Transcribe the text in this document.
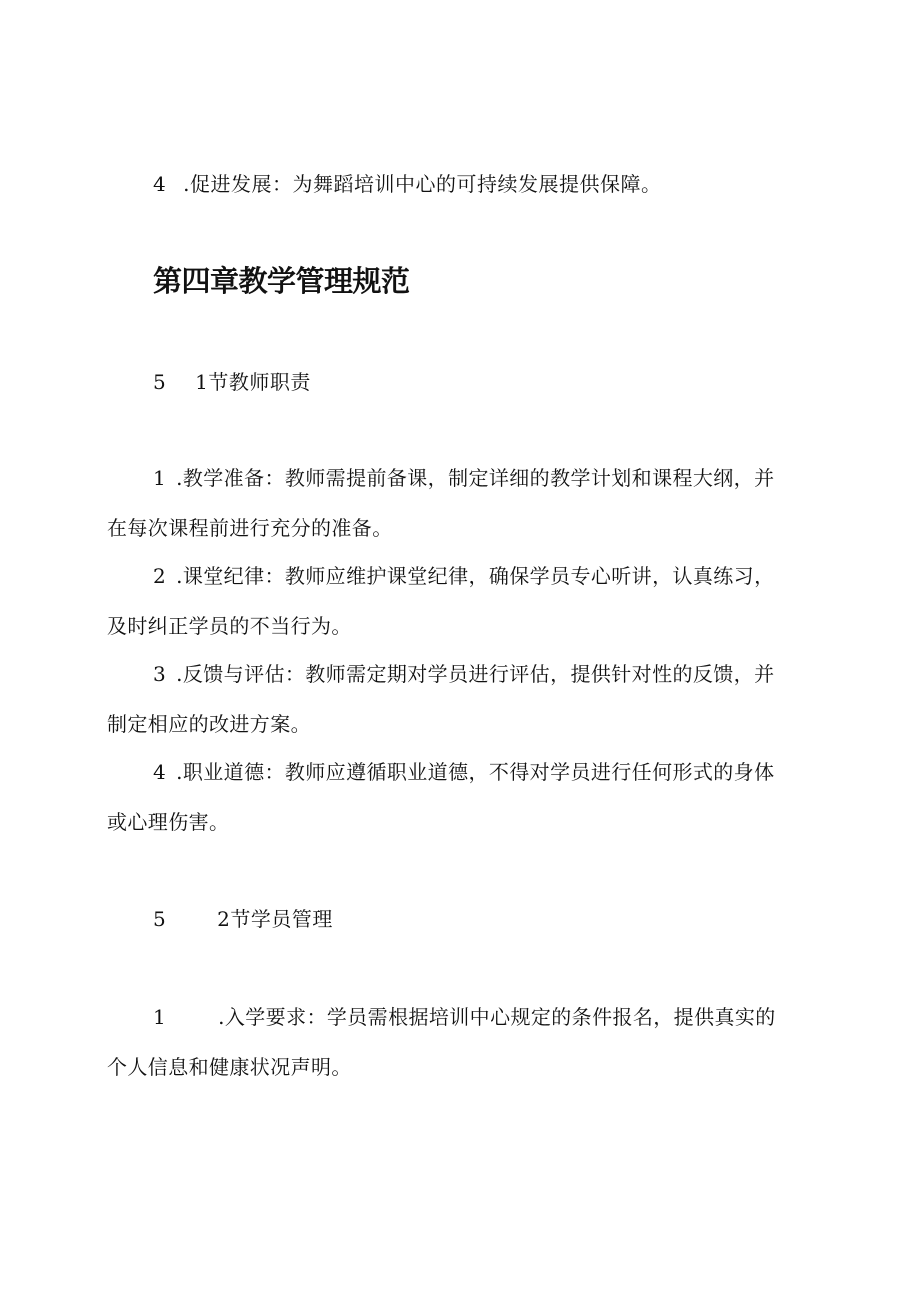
4 .促进发展：为舞蹈培训中心的可持续发展提供保障。
第四章教学管理规范
5 1节教师职责
1 .教学准备：教师需提前备课，制定详细的教学计划和课程大纲，并
在每次课程前进行充分的准备。
2 .课堂纪律：教师应维护课堂纪律，确保学员专心听讲，认真练习，
及时纠正学员的不当行为。
3 .反馈与评估：教师需定期对学员进行评估，提供针对性的反馈，并
制定相应的改进方案。
4 .职业道德：教师应遵循职业道德，不得对学员进行任何形式的身体
或心理伤害。
5	2节学员管理
1	.入学要求：学员需根据培训中心规定的条件报名，提供真实的
个人信息和健康状况声明。
